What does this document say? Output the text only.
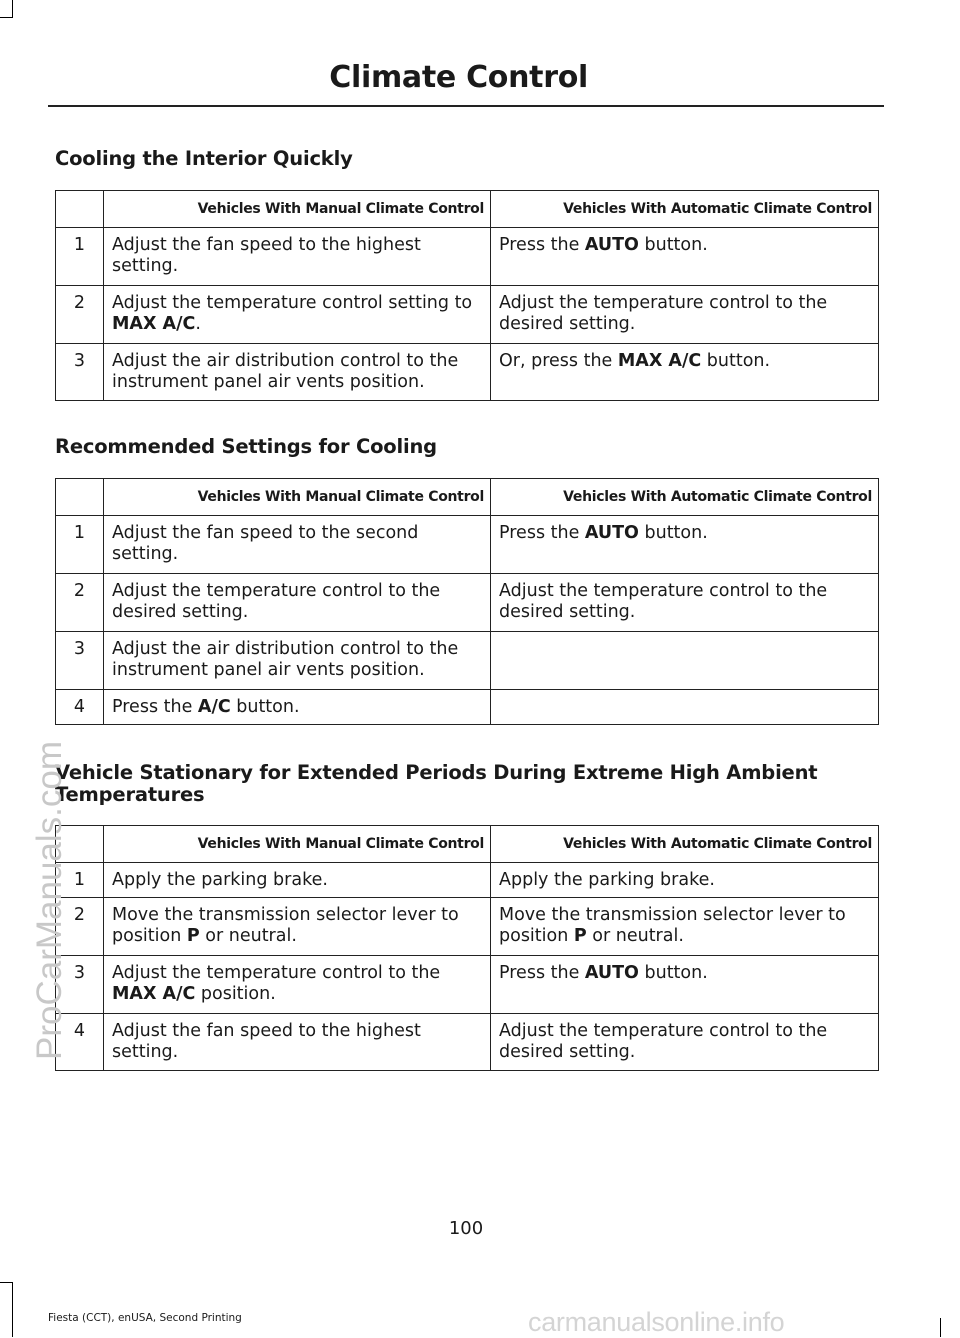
Climate Control
Cooling the Interior Quickly
	Vehicles With Manual Climate Control	Vehicles With Automatic Climate Control
1	Adjust the fan speed to the highest setting.	Press the AUTO button.
2	Adjust the temperature control setting to MAX A/C.	Adjust the temperature control to the desired setting.
3	Adjust the air distribution control to the instrument panel air vents position.	Or, press the MAX A/C button.
Recommended Settings for Cooling
	Vehicles With Manual Climate Control	Vehicles With Automatic Climate Control
1	Adjust the fan speed to the second setting.	Press the AUTO button.
2	Adjust the temperature control to the desired setting.	Adjust the temperature control to the desired setting.
3	Adjust the air distribution control to the instrument panel air vents position.	
4	Press the A/C button.	
Vehicle Stationary for Extended Periods During Extreme High Ambient Temperatures
	Vehicles With Manual Climate Control	Vehicles With Automatic Climate Control
1	Apply the parking brake.	Apply the parking brake.
2	Move the transmission selector lever to position P or neutral.	Move the transmission selector lever to position P or neutral.
3	Adjust the temperature control to the MAX A/C position.	Press the AUTO button.
4	Adjust the fan speed to the highest setting.	Adjust the temperature control to the desired setting.
100
Fiesta (CCT), enUSA, Second Printing
ProCarManuals.com
carmanualsonline.info
